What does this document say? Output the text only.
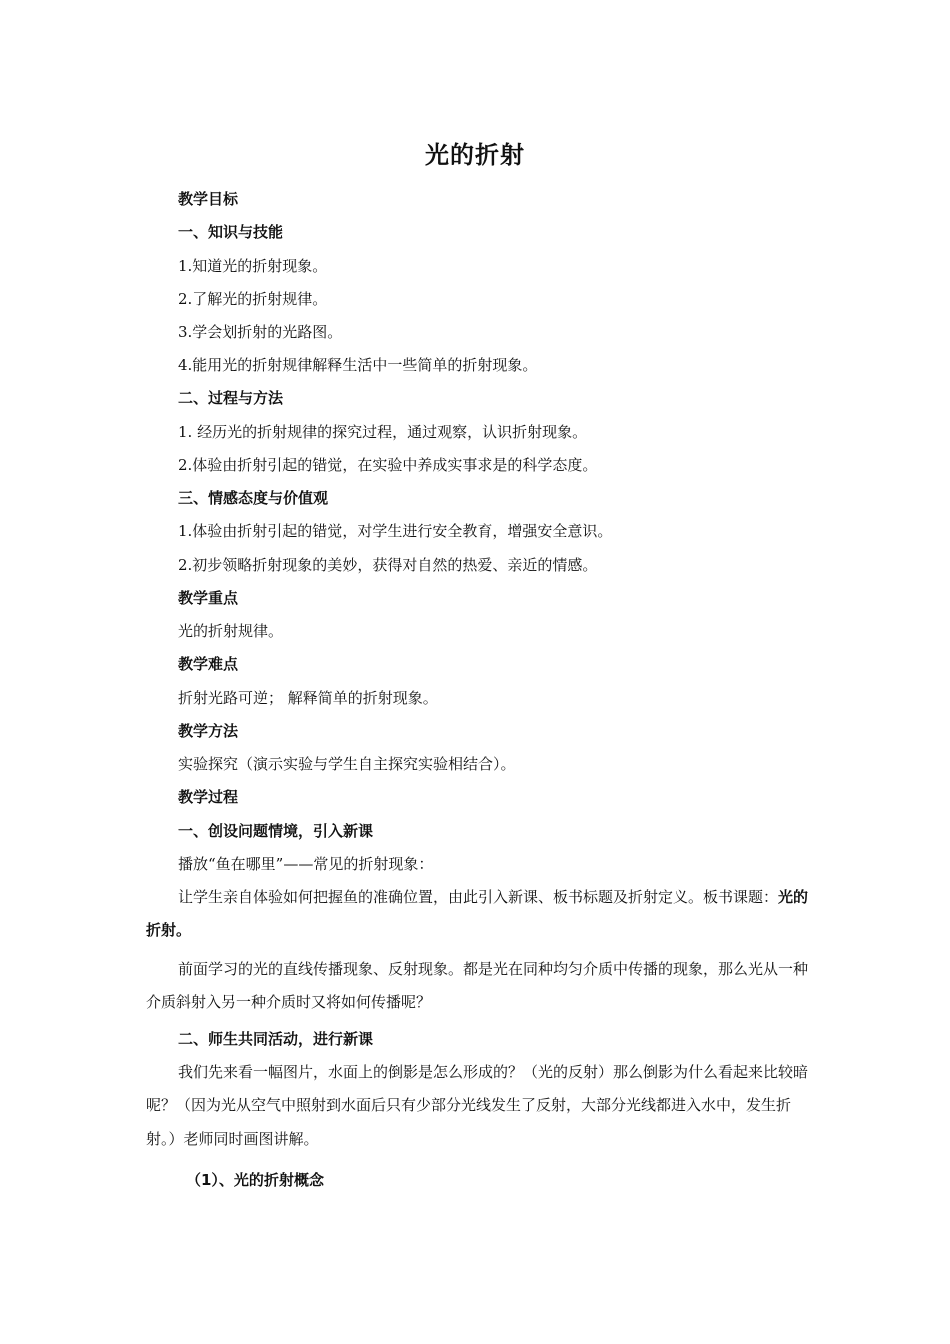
光的折射
教学目标
一、知识与技能
1.知道光的折射现象。
2.了解光的折射规律。
3.学会划折射的光路图。
4.能用光的折射规律解释生活中一些简单的折射现象。
二、过程与方法
1. 经历光的折射规律的探究过程，通过观察，认识折射现象。
2.体验由折射引起的错觉，在实验中养成实事求是的科学态度。
三、情感态度与价值观
1.体验由折射引起的错觉，对学生进行安全教育，增强安全意识。
2.初步领略折射现象的美妙，获得对自然的热爱、亲近的情感。
教学重点
光的折射规律。
教学难点
折射光路可逆； 解释简单的折射现象。
教学方法
实验探究（演示实验与学生自主探究实验相结合）。
教学过程
一、创设问题情境，引入新课
播放“鱼在哪里”——常见的折射现象：
让学生亲自体验如何把握鱼的准确位置，由此引入新课、板书标题及折射定义。板书课题：光的折射。
前面学习的光的直线传播现象、反射现象。都是光在同种均匀介质中传播的现象，那么光从一种介质斜射入另一种介质时又将如何传播呢？
二、师生共同活动，进行新课
我们先来看一幅图片，水面上的倒影是怎么形成的？（光的反射）那么倒影为什么看起来比较暗呢？（因为光从空气中照射到水面后只有少部分光线发生了反射，大部分光线都进入水中，发生折射。）老师同时画图讲解。
（1）、光的折射概念
